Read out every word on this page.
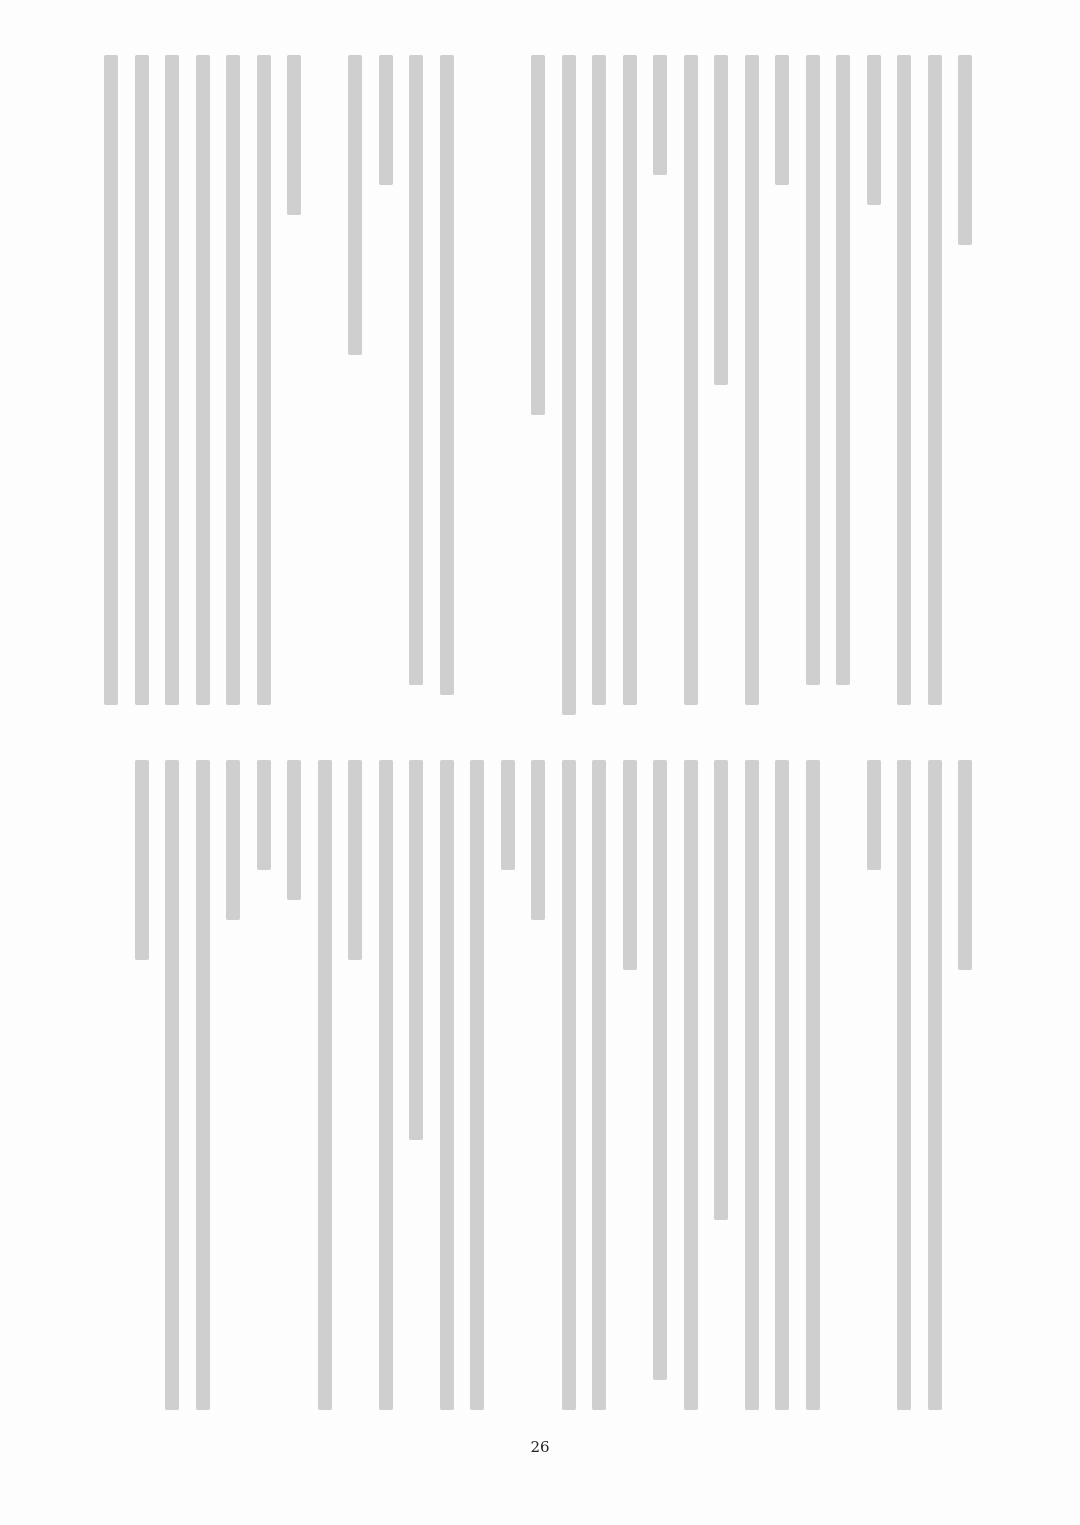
26
